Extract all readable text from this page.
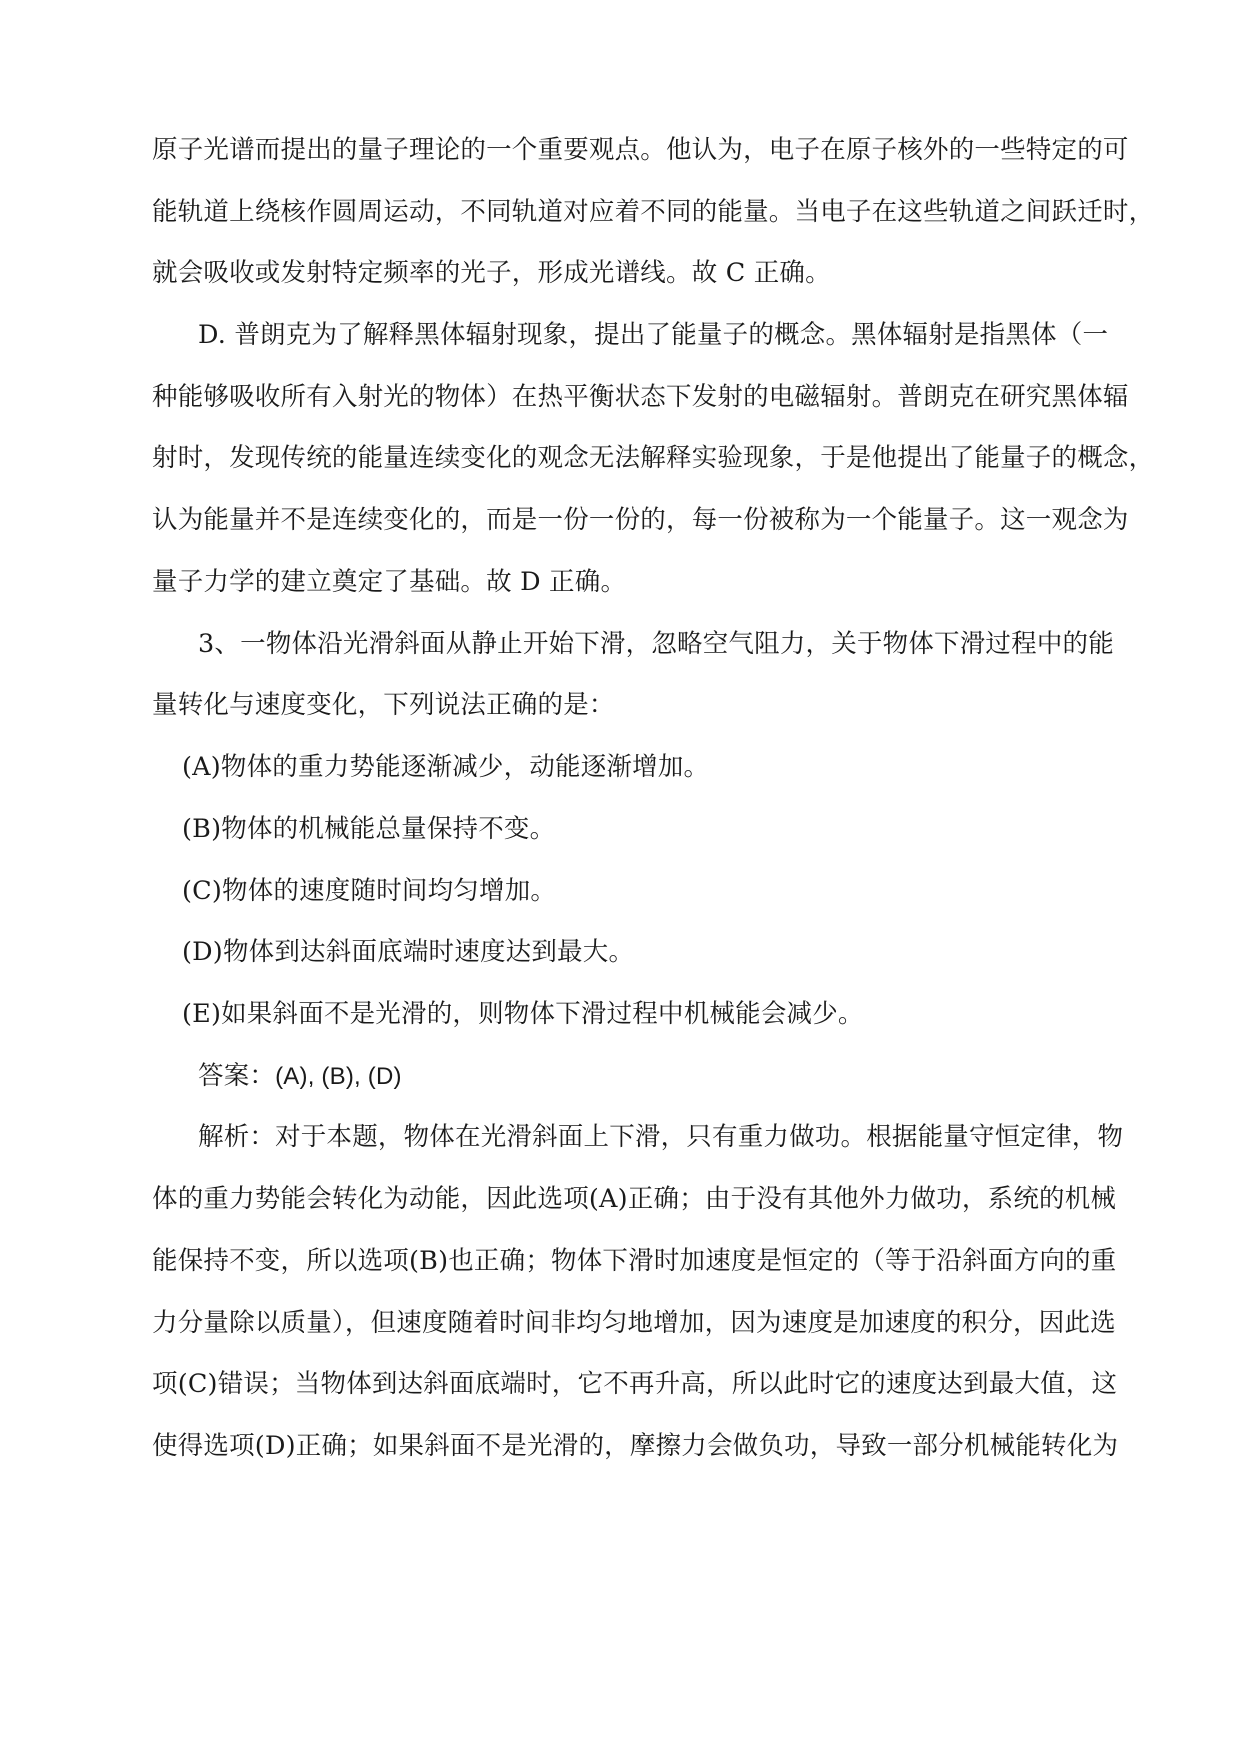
原子光谱而提出的量子理论的一个重要观点。他认为，电子在原子核外的一些特定的可
能轨道上绕核作圆周运动，不同轨道对应着不同的能量。当电子在这些轨道之间跃迁时，
就会吸收或发射特定频率的光子，形成光谱线。故 C 正确。
D. 普朗克为了解释黑体辐射现象，提出了能量子的概念。黑体辐射是指黑体（一
种能够吸收所有入射光的物体）在热平衡状态下发射的电磁辐射。普朗克在研究黑体辐
射时，发现传统的能量连续变化的观念无法解释实验现象，于是他提出了能量子的概念，
认为能量并不是连续变化的，而是一份一份的，每一份被称为一个能量子。这一观念为
量子力学的建立奠定了基础。故 D 正确。
3、一物体沿光滑斜面从静止开始下滑，忽略空气阻力，关于物体下滑过程中的能
量转化与速度变化，下列说法正确的是：
(A)物体的重力势能逐渐减少，动能逐渐增加。
(B)物体的机械能总量保持不变。
(C)物体的速度随时间均匀增加。
(D)物体到达斜面底端时速度达到最大。
(E)如果斜面不是光滑的，则物体下滑过程中机械能会减少。
答案：(A), (B), (D)
解析：对于本题，物体在光滑斜面上下滑，只有重力做功。根据能量守恒定律，物
体的重力势能会转化为动能，因此选项(A)正确；由于没有其他外力做功，系统的机械
能保持不变，所以选项(B)也正确；物体下滑时加速度是恒定的（等于沿斜面方向的重
力分量除以质量），但速度随着时间非均匀地增加，因为速度是加速度的积分，因此选
项(C)错误；当物体到达斜面底端时，它不再升高，所以此时它的速度达到最大值，这
使得选项(D)正确；如果斜面不是光滑的，摩擦力会做负功，导致一部分机械能转化为
